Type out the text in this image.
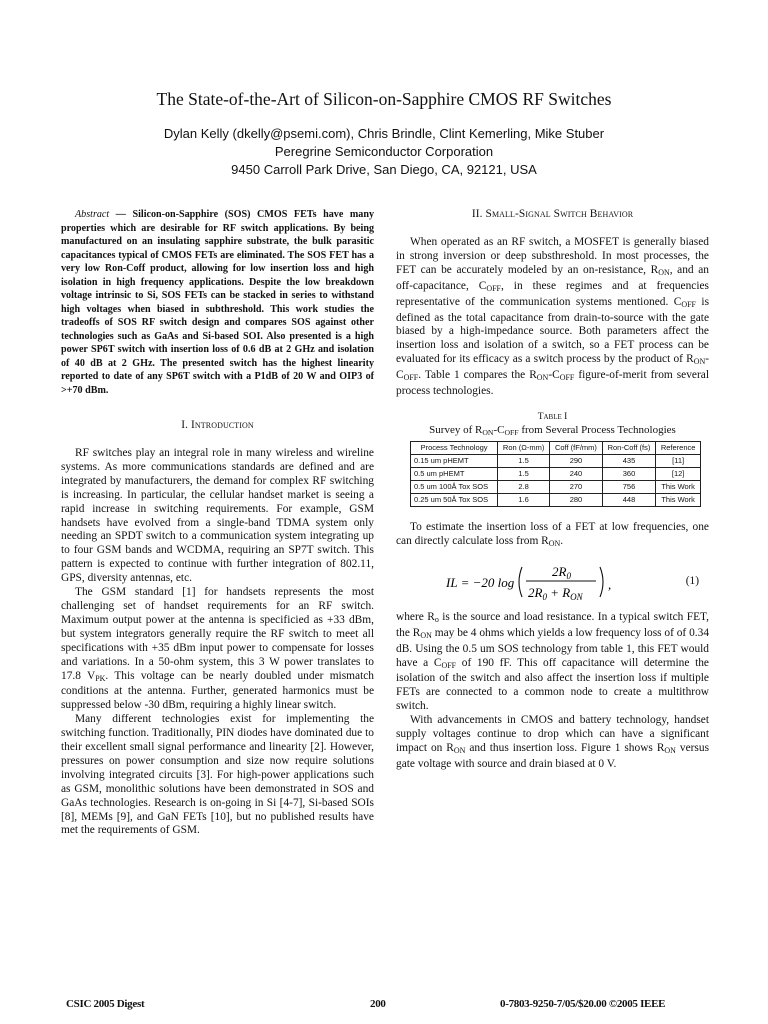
The State-of-the-Art of Silicon-on-Sapphire CMOS RF Switches
Dylan Kelly (dkelly@psemi.com), Chris Brindle, Clint Kemerling, Mike Stuber
Peregrine Semiconductor Corporation
9450 Carroll Park Drive, San Diego, CA, 92121, USA

Abstract — Silicon-on-Sapphire (SOS) CMOS FETs have many properties which are desirable for RF switch applications. By being manufactured on an insulating sapphire substrate, the bulk parasitic capacitances typical of CMOS FETs are eliminated. The SOS FET has a very low Ron-Coff product, allowing for low insertion loss and high isolation in high frequency applications. Despite the low breakdown voltage intrinsic to Si, SOS FETs can be stacked in series to withstand high voltages when biased in subthreshold. This work studies the tradeoffs of SOS RF switch design and compares SOS against other technologies such as GaAs and Si-based SOI. Also presented is a high power SP6T switch with insertion loss of 0.6 dB at 2 GHz and isolation of 40 dB at 2 GHz. The presented switch has the highest linearity reported to date of any SP6T switch with a P1dB of 20 W and OIP3 of >+70 dBm.

I. Introduction

RF switches play an integral role in many wireless and wireline systems. As more communications standards are defined and are integrated by manufacturers, the demand for complex RF switching is increasing. In particular, the cellular handset market is seeing a rapid increase in switching requirements. For example, GSM handsets have evolved from a single-band TDMA system only needing an SPDT switch to a communication system integrating up to four GSM bands and WCDMA, requiring an SP7T switch. This pattern is expected to continue with further integration of 802.11, GPS, diversity antennas, etc.

The GSM standard [1] for handsets represents the most challenging set of handset requirements for an RF switch. Maximum output power at the antenna is specificied as +33 dBm, but system integrators generally require the RF switch to meet all specifications with +35 dBm input power to compensate for losses and variations. In a 50-ohm system, this 3 W power translates to 17.8 $V_{PK}$. This voltage can be nearly doubled under mismatch conditions at the antenna. Further, generated harmonics must be suppressed below -30 dBm, requiring a highly linear switch.

Many different technologies exist for implementing the switching function. Traditionally, PIN diodes have dominated due to their excellent small signal performance and linearity [2]. However, pressures on power consumption and size now require solutions involving integrated circuits [3]. For high-power applications such as GSM, monolithic solutions have been demonstrated in SOS and GaAs technologies. Research is on-going in Si [4-7], Si-based SOIs [8], MEMs [9], and GaN FETs [10], but no published results have met the requirements of GSM.

II. Small-Signal Switch Behavior

When operated as an RF switch, a MOSFET is generally biased in strong inversion or deep substhreshold. In most processes, the FET can be accurately modeled by an on-resistance, $R_{ON}$, and an off-capacitance, $C_{OFF}$, in these regimes and at frequencies representative of the communication systems mentioned. $C_{OFF}$ is defined as the total capacitance from drain-to-source with the gate biased by a high-impedance source. Both parameters affect the insertion loss and isolation of a switch, so a FET process can be evaluated for its efficacy as a switch process by the product of $R_{ON}-C_{OFF}$. Table 1 compares the $R_{ON}-C_{OFF}$ figure-of-merit from several process technologies.

Table I

Survey of $R_{ON}-C_{OFF}$ from Several Process Technologies

Process Technology	Ron (Ω-mm)	Coff (fF/mm)	Ron-Coff (fs)	Reference
0.15 um pHEMT	1.5	290	435	[11]
0.5 um pHEMT	1.5	240	360	[12]
0.5 um 100Å Tox SOS	2.8	270	756	This Work
0.25 um 50Å Tox SOS	1.6	280	448	This Work

To estimate the insertion loss of a FET at low frequencies, one can directly calculate loss from $R_{ON}$.

IL = −20 log
$2R_0$
$2R_0 + R_{ON}$
,	(1)

where $R_o$ is the source and load resistance. In a typical switch FET, the $R_{ON}$ may be 4 ohms which yields a low frequency loss of of 0.34 dB. Using the 0.5 um SOS technology from table 1, this FET would have a $C_{OFF}$ of 190 fF. This off capacitance will determine the isolation of the switch and also affect the insertion loss if multiple FETs are connected to a common node to create a multithrow switch.

With advancements in CMOS and battery technology, handset supply voltages continue to drop which can have a significant impact on $R_{ON}$ and thus insertion loss. Figure 1 shows $R_{ON}$ versus gate voltage with source and drain biased at 0 V.

CSIC 2005 Digest	200	0-7803-9250-7/05/$20.00 ©2005 IEEE
